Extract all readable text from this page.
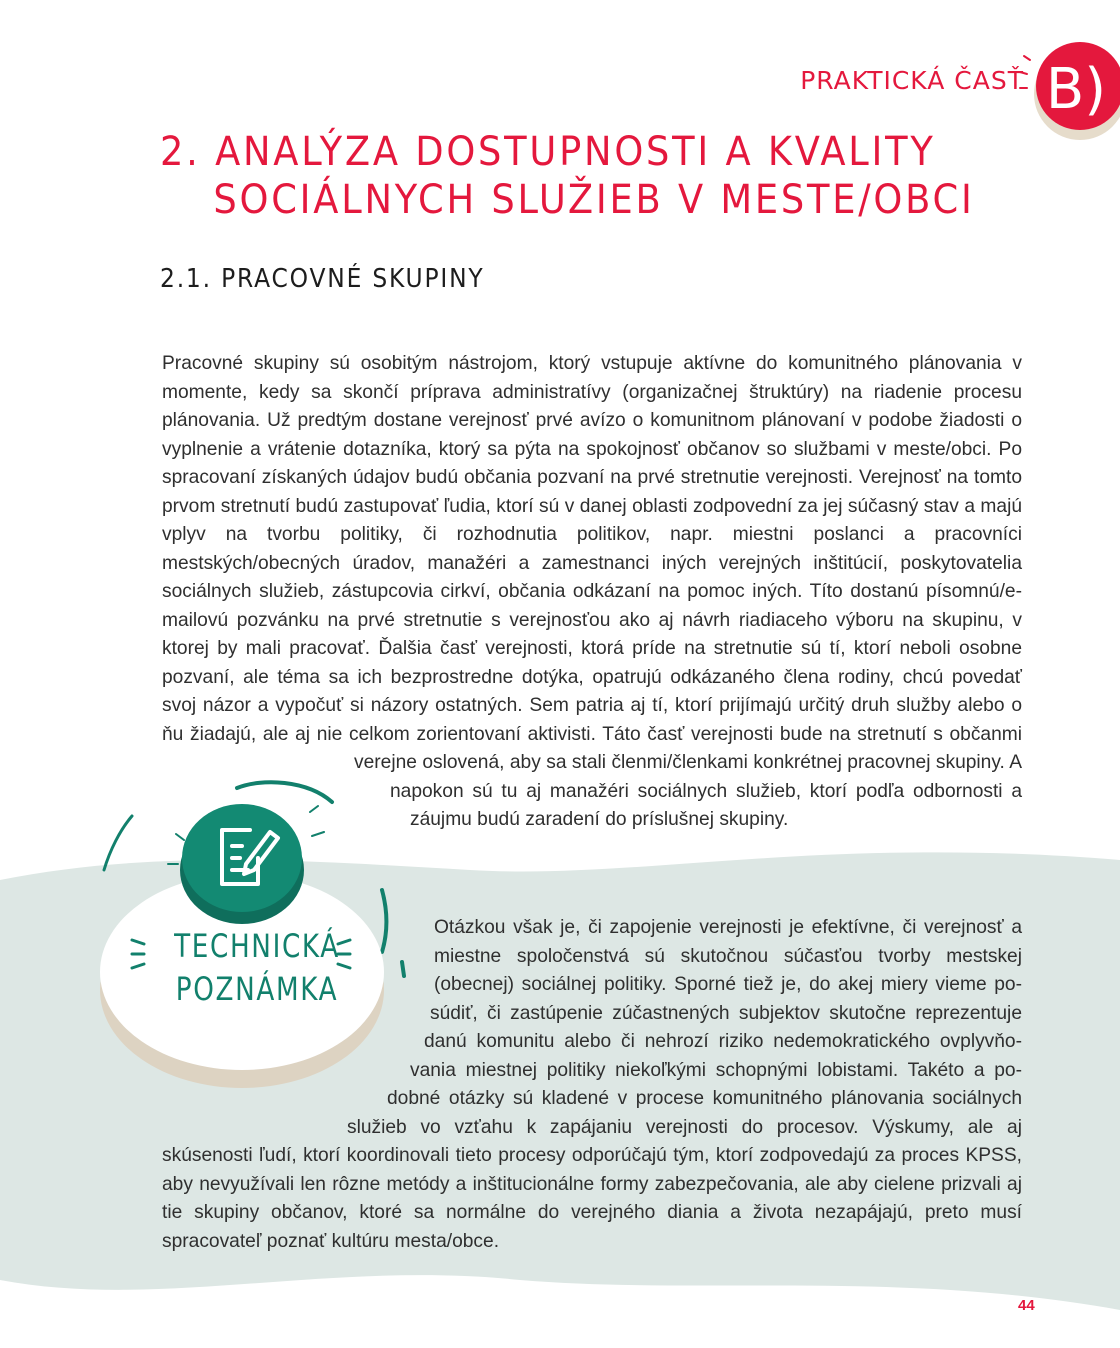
PRAKTICKÁ ČASŤ B)
2. ANALÝZA DOSTUPNOSTI A KVALITY
SOCIÁLNYCH SLUŽIEB V MESTE/OBCI
2.1. PRACOVNÉ SKUPINY

Pracovné skupiny sú osobitým nástrojom, ktorý vstupuje aktívne do komunitného plánovania v momente, kedy sa skončí príprava administratívy (organizačnej štruktúry) na riadenie procesu plánovania. Už predtým dostane verejnosť prvé avízo o komunitnom plánovaní v podobe žiadosti o vyplnenie a vrátenie dotazníka, ktorý sa pýta na spokojnosť občanov so službami v meste/obci. Po spracovaní získaných údajov budú občania pozvaní na prvé stretnutie verejnosti. Verejnosť na tomto prvom stretnutí budú zastupovať ľudia, ktorí sú v danej oblasti zodpovední za jej súčasný stav a majú vplyv na tvorbu politiky, či rozhodnutia politikov, napr. miestni poslanci a pracovníci mestských/obecných úradov, manažéri a zamestnanci iných verejných inštitúcií, poskytovatelia sociálnych služieb, zástupcovia cirkví, občania odkázaní na pomoc iných. Títo dostanú písomnú/e-mailovú pozvánku na prvé stretnutie s verejnosťou ako aj návrh riadiaceho výboru na skupinu, v ktorej by mali pracovať. Ďalšia časť verejnosti, ktorá príde na stretnutie sú tí, ktorí neboli osobne pozvaní, ale téma sa ich bezprostredne dotýka, opatrujú odkázaného člena rodiny, chcú povedať svoj názor a vypočuť si názory ostatných. Sem patria aj tí, ktorí prijímajú určitý druh služby alebo o ňu žiadajú, ale aj nie celkom zorientovaní aktivisti. Táto časť verejnosti bude na stretnutí s občanmi verejne oslovená, aby sa stali členmi/členkami konkrétnej pracovnej skupiny. A napokon sú tu aj manažéri sociálnych služieb, ktorí podľa odbornosti a záujmu budú zaradení do príslušnej skupiny.

TECHNICKÁ
POZNÁMKA

Otázkou však je, či zapojenie verejnosti je efektívne, či verejnosť a miestne spoločenstvá sú skutočnou súčasťou tvorby mestskej (obecnej) sociálnej politiky. Sporné tiež je, do akej miery vieme posúdiť, či zastúpenie zúčastnených subjektov skutočne reprezentuje danú komunitu alebo či nehrozí riziko nedemokratického ovplyvňovania miestnej politiky niekoľkými schopnými lobistami. Takéto a podobné otázky sú kladené v procese komunitného plánovania sociálnych služieb vo vzťahu k zapájaniu verejnosti do procesov. Výskumy, ale aj skúsenosti ľudí, ktorí koordinovali tieto procesy odporúčajú tým, ktorí zodpovedajú za proces KPSS, aby nevyužívali len rôzne metódy a inštitucionálne formy zabezpečovania, ale aby cielene prizvali aj tie skupiny občanov, ktoré sa normálne do verejného diania a života nezapájajú, preto musí spracovateľ poznať kultúru mesta/obce.

44
